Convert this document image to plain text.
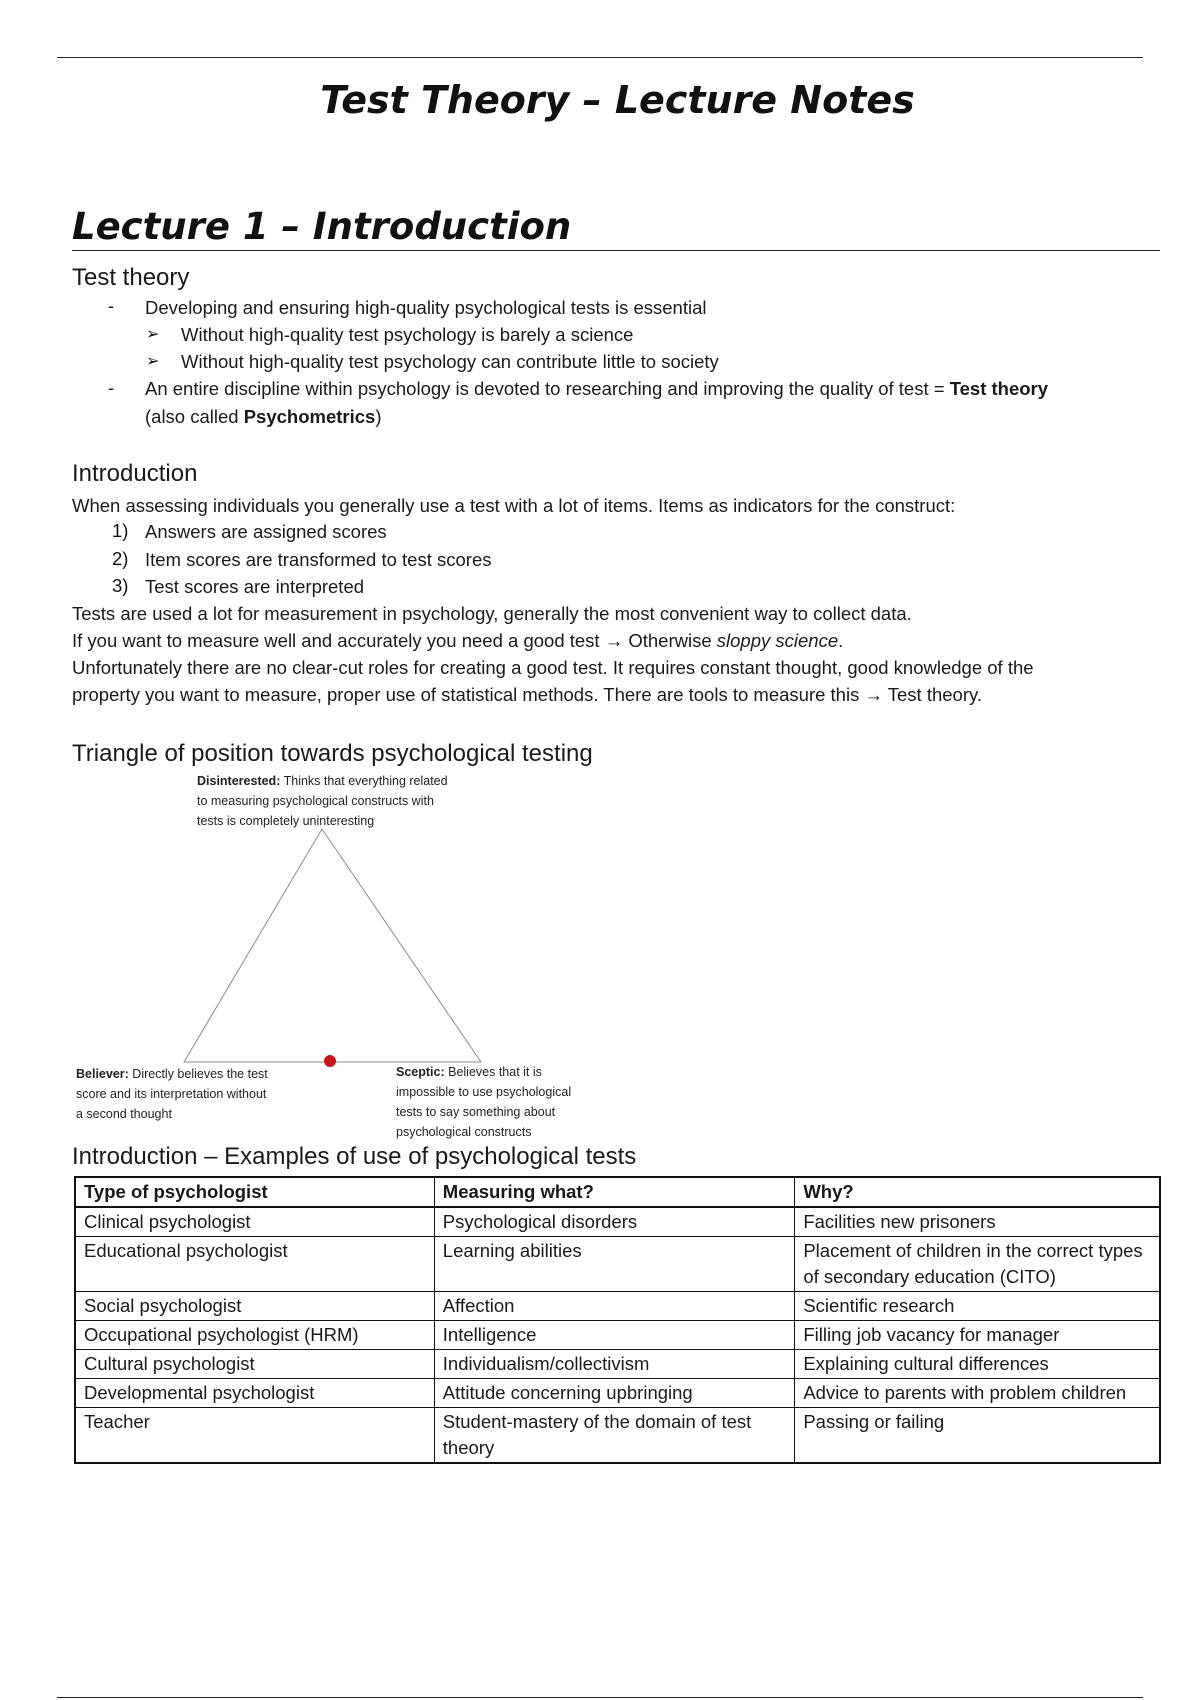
Test Theory – Lecture Notes
Lecture 1 – Introduction
Test theory
- Developing and ensuring high-quality psychological tests is essential
➢ Without high-quality test psychology is barely a science
➢ Without high-quality test psychology can contribute little to society
- An entire discipline within psychology is devoted to researching and improving the quality of test = Test theory
(also called Psychometrics)
Introduction
When assessing individuals you generally use a test with a lot of items. Items as indicators for the construct:
1) Answers are assigned scores
2) Item scores are transformed to test scores
3) Test scores are interpreted
Tests are used a lot for measurement in psychology, generally the most convenient way to collect data.
If you want to measure well and accurately you need a good test → Otherwise sloppy science.
Unfortunately there are no clear-cut roles for creating a good test. It requires constant thought, good knowledge of the
property you want to measure, proper use of statistical methods. There are tools to measure this → Test theory.
Triangle of position towards psychological testing
Disinterested: Thinks that everything related
to measuring psychological constructs with
tests is completely uninteresting
Believer: Directly believes the test
score and its interpretation without
a second thought
Sceptic: Believes that it is
impossible to use psychological
tests to say something about
psychological constructs
Introduction – Examples of use of psychological tests
Type of psychologist	Measuring what?	Why?
Clinical psychologist	Psychological disorders	Facilities new prisoners
Educational psychologist	Learning abilities	Placement of children in the correct types of secondary education (CITO)
Social psychologist	Affection	Scientific research
Occupational psychologist (HRM)	Intelligence	Filling job vacancy for manager
Cultural psychologist	Individualism/collectivism	Explaining cultural differences
Developmental psychologist	Attitude concerning upbringing	Advice to parents with problem children
Teacher	Student-mastery of the domain of test theory	Passing or failing
